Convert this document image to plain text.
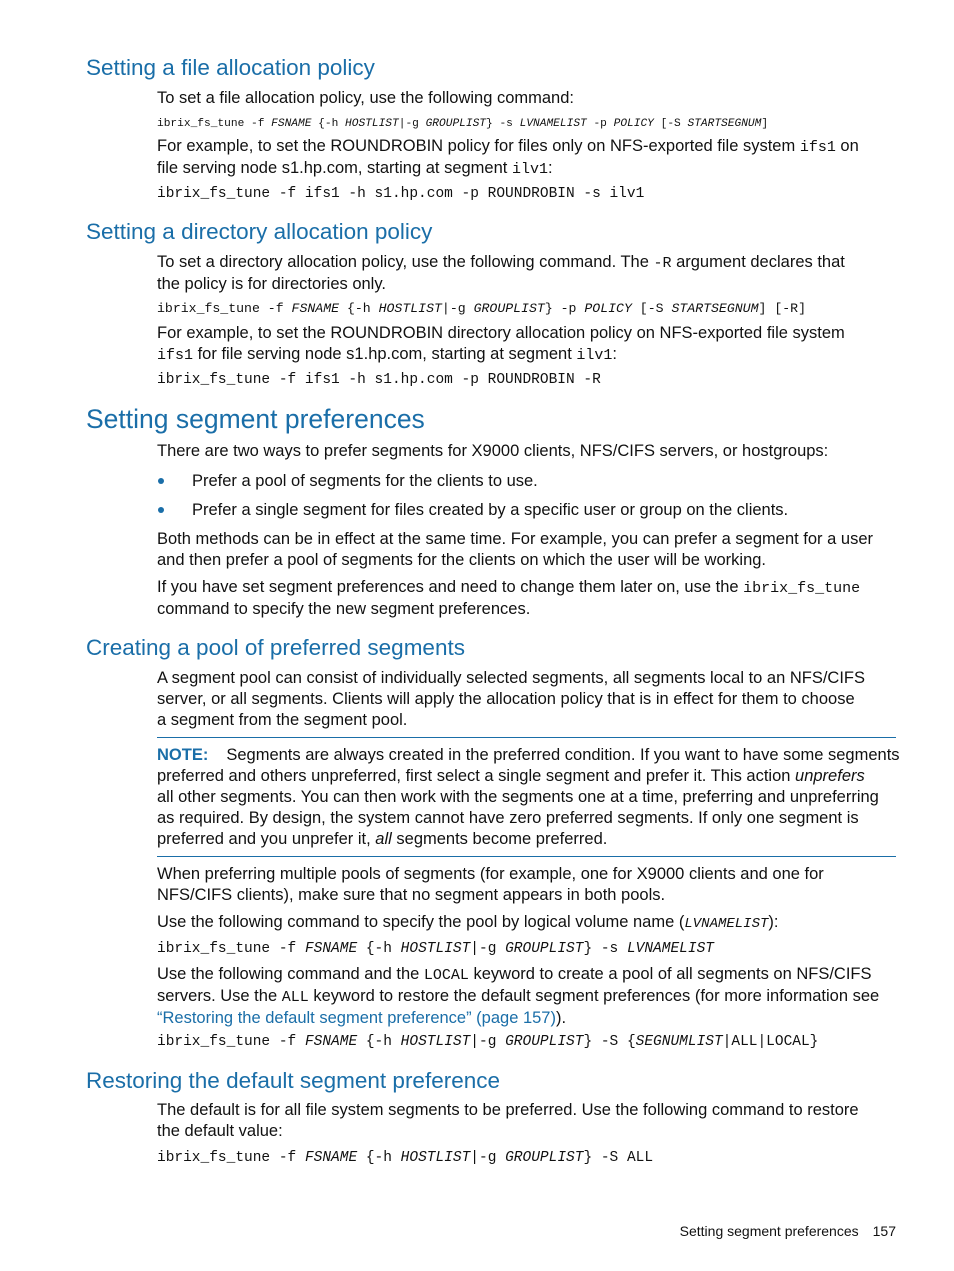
Setting a file allocation policy

To set a file allocation policy, use the following command:

ibrix_fs_tune -f FSNAME {-h HOSTLIST|-g GROUPLIST} -s LVNAMELIST -p POLICY [-S STARTSEGNUM]

For example, to set the ROUNDROBIN policy for files only on NFS-exported file system ifs1 on
file serving node s1.hp.com, starting at segment ilv1:

ibrix_fs_tune -f ifs1 -h s1.hp.com -p ROUNDROBIN -s ilv1
Setting a directory allocation policy

To set a directory allocation policy, use the following command. The -R argument declares that
the policy is for directories only.

ibrix_fs_tune -f FSNAME {-h HOSTLIST|-g GROUPLIST} -p POLICY [-S STARTSEGNUM] [-R]

For example, to set the ROUNDROBIN directory allocation policy on NFS-exported file system
ifs1 for file serving node s1.hp.com, starting at segment ilv1:

ibrix_fs_tune -f ifs1 -h s1.hp.com -p ROUNDROBIN -R
Setting segment preferences

There are two ways to prefer segments for X9000 clients, NFS/CIFS servers, or hostgroups:

Prefer a pool of segments for the clients to use.
Prefer a single segment for files created by a specific user or group on the clients.

Both methods can be in effect at the same time. For example, you can prefer a segment for a user
and then prefer a pool of segments for the clients on which the user will be working.

If you have set segment preferences and need to change them later on, use the ibrix_fs_tune
command to specify the new segment preferences.

Creating a pool of preferred segments

A segment pool can consist of individually selected segments, all segments local to an NFS/CIFS
server, or all segments. Clients will apply the allocation policy that is in effect for them to choose
a segment from the segment pool.

NOTE: Segments are always created in the preferred condition. If you want to have some segments
preferred and others unpreferred, first select a single segment and prefer it. This action unprefers
all other segments. You can then work with the segments one at a time, preferring and unpreferring
as required. By design, the system cannot have zero preferred segments. If only one segment is
preferred and you unprefer it, all segments become preferred.

When preferring multiple pools of segments (for example, one for X9000 clients and one for
NFS/CIFS clients), make sure that no segment appears in both pools.

Use the following command to specify the pool by logical volume name (LVNAMELIST):

ibrix_fs_tune -f FSNAME {-h HOSTLIST|-g GROUPLIST} -s LVNAMELIST

Use the following command and the LOCAL keyword to create a pool of all segments on NFS/CIFS
servers. Use the ALL keyword to restore the default segment preferences (for more information see
“Restoring the default segment preference” (page 157)).

ibrix_fs_tune -f FSNAME {-h HOSTLIST|-g GROUPLIST} -S {SEGNUMLIST|ALL|LOCAL}
Restoring the default segment preference

The default is for all file system segments to be preferred. Use the following command to restore
the default value:

ibrix_fs_tune -f FSNAME {-h HOSTLIST|-g GROUPLIST} -S ALL
Setting segment preferences 157
